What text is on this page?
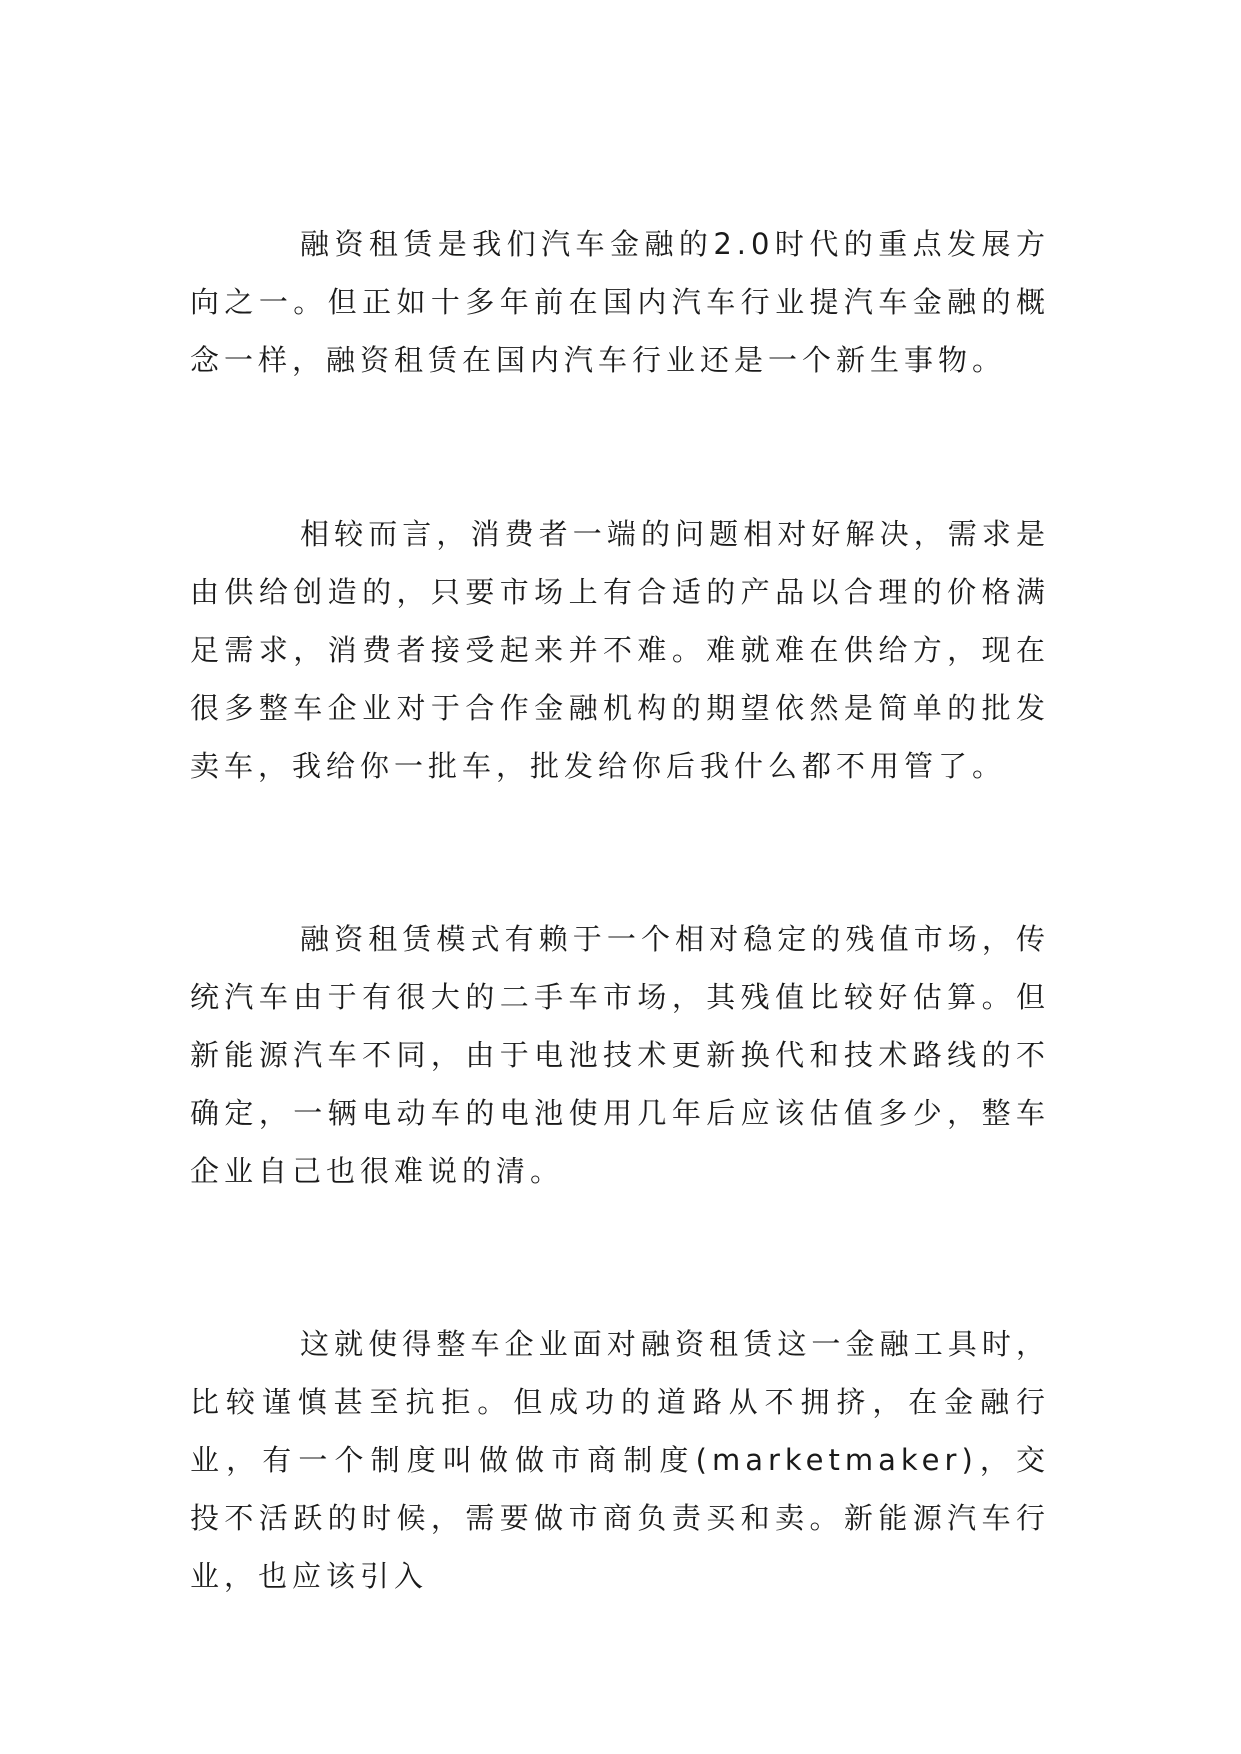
融资租赁是我们汽车金融的2.0时代的重点发展方向之一。但正如十多年前在国内汽车行业提汽车金融的概念一样，融资租赁在国内汽车行业还是一个新生事物。

相较而言，消费者一端的问题相对好解决，需求是由供给创造的，只要市场上有合适的产品以合理的价格满足需求，消费者接受起来并不难。难就难在供给方，现在很多整车企业对于合作金融机构的期望依然是简单的批发卖车，我给你一批车，批发给你后我什么都不用管了。

融资租赁模式有赖于一个相对稳定的残值市场，传统汽车由于有很大的二手车市场，其残值比较好估算。但新能源汽车不同，由于电池技术更新换代和技术路线的不确定，一辆电动车的电池使用几年后应该估值多少，整车企业自己也很难说的清。

这就使得整车企业面对融资租赁这一金融工具时，比较谨慎甚至抗拒。但成功的道路从不拥挤，在金融行业，有一个制度叫做做市商制度(marketmaker)，交投不活跃的时候，需要做市商负责买和卖。新能源汽车行业，也应该引入
